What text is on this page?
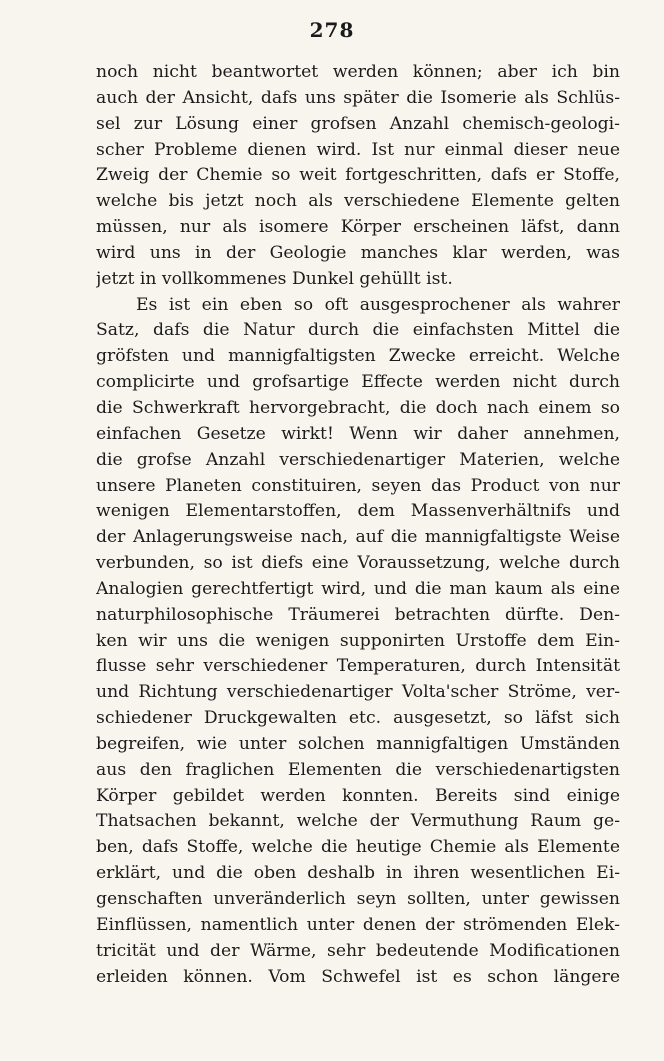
278
noch nicht beantwortet werden können; aber ich bin
auch der Ansicht, dafs uns später die Isomerie als Schlüs-
sel zur Lösung einer grofsen Anzahl chemisch-geologi-
scher Probleme dienen wird. Ist nur einmal dieser neue
Zweig der Chemie so weit fortgeschritten, dafs er Stoffe,
welche bis jetzt noch als verschiedene Elemente gelten
müssen, nur als isomere Körper erscheinen läfst, dann
wird uns in der Geologie manches klar werden, was
jetzt in vollkommenes Dunkel gehüllt ist.
Es ist ein eben so oft ausgesprochener als wahrer
Satz, dafs die Natur durch die einfachsten Mittel die
gröfsten und mannigfaltigsten Zwecke erreicht. Welche
complicirte und grofsartige Effecte werden nicht durch
die Schwerkraft hervorgebracht, die doch nach einem so
einfachen Gesetze wirkt! Wenn wir daher annehmen,
die grofse Anzahl verschiedenartiger Materien, welche
unsere Planeten constituiren, seyen das Product von nur
wenigen Elementarstoffen, dem Massenverhältnifs und
der Anlagerungsweise nach, auf die mannigfaltigste Weise
verbunden, so ist diefs eine Voraussetzung, welche durch
Analogien gerechtfertigt wird, und die man kaum als eine
naturphilosophische Träumerei betrachten dürfte. Den-
ken wir uns die wenigen supponirten Urstoffe dem Ein-
flusse sehr verschiedener Temperaturen, durch Intensität
und Richtung verschiedenartiger Volta'scher Ströme, ver-
schiedener Druckgewalten etc. ausgesetzt, so läfst sich
begreifen, wie unter solchen mannigfaltigen Umständen
aus den fraglichen Elementen die verschiedenartigsten
Körper gebildet werden konnten. Bereits sind einige
Thatsachen bekannt, welche der Vermuthung Raum ge-
ben, dafs Stoffe, welche die heutige Chemie als Elemente
erklärt, und die oben deshalb in ihren wesentlichen Ei-
genschaften unveränderlich seyn sollten, unter gewissen
Einflüssen, namentlich unter denen der strömenden Elek-
tricität und der Wärme, sehr bedeutende Modificationen
erleiden können. Vom Schwefel ist es schon längere
